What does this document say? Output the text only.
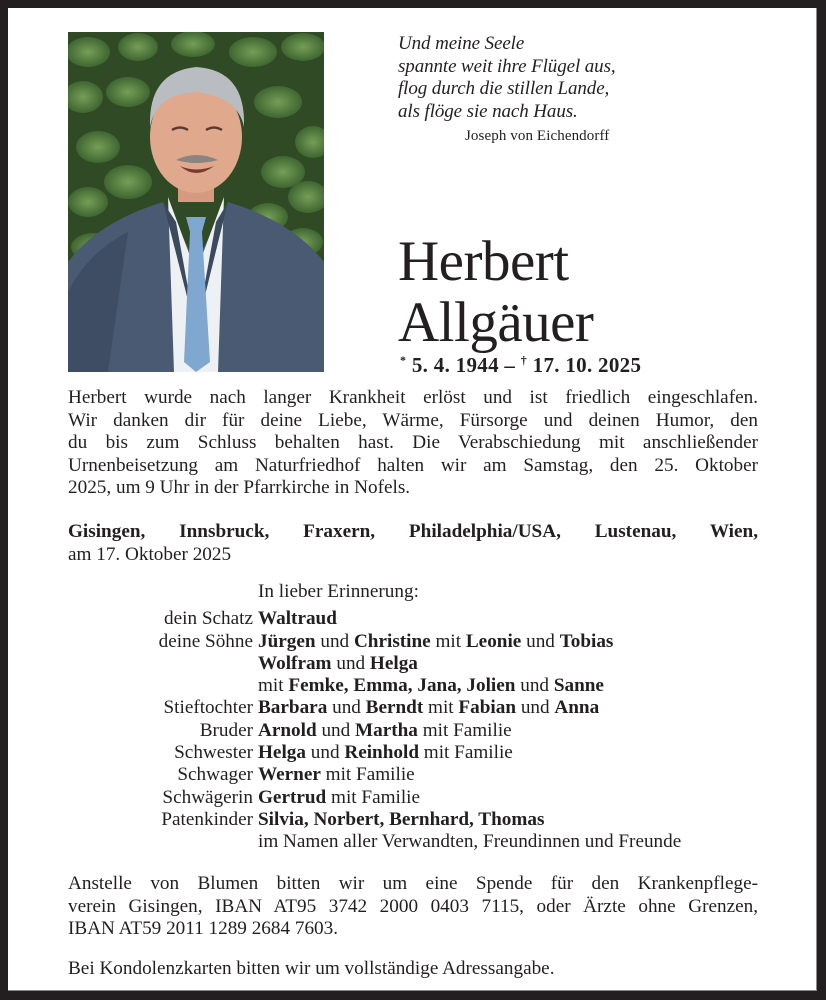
Und meine Seele
spannte weit ihre Flügel aus,
flog durch die stillen Lande,
als flöge sie nach Haus.
Joseph von Eichendorff
Herbert
Allgäuer
* 5. 4. 1944 – † 17. 10. 2025
Herbert wurde nach langer Krankheit erlöst und ist friedlich eingeschlafen.
Wir danken dir für deine Liebe, Wärme, Fürsorge und deinen Humor, den
du bis zum Schluss behalten hast. Die Verabschiedung mit anschließender
Urnenbeisetzung am Naturfriedhof halten wir am Samstag, den 25. Oktober
2025, um 9 Uhr in der Pfarrkirche in Nofels.
Gisingen, Innsbruck, Fraxern, Philadelphia/USA, Lustenau, Wien,
am 17. Oktober 2025
In lieber Erinnerung:
dein Schatz Waltraud
deine Söhne Jürgen und Christine mit Leonie und Tobias
Wolfram und Helga
mit Femke, Emma, Jana, Jolien und Sanne
Stieftochter Barbara und Berndt mit Fabian und Anna
Bruder Arnold und Martha mit Familie
Schwester Helga und Reinhold mit Familie
Schwager Werner mit Familie
Schwägerin Gertrud mit Familie
Patenkinder Silvia, Norbert, Bernhard, Thomas
im Namen aller Verwandten, Freundinnen und Freunde
Anstelle von Blumen bitten wir um eine Spende für den Krankenpflege-
verein Gisingen, IBAN AT95 3742 2000 0403 7115, oder Ärzte ohne Grenzen,
IBAN AT59 2011 1289 2684 7603.
Bei Kondolenzkarten bitten wir um vollständige Adressangabe.
